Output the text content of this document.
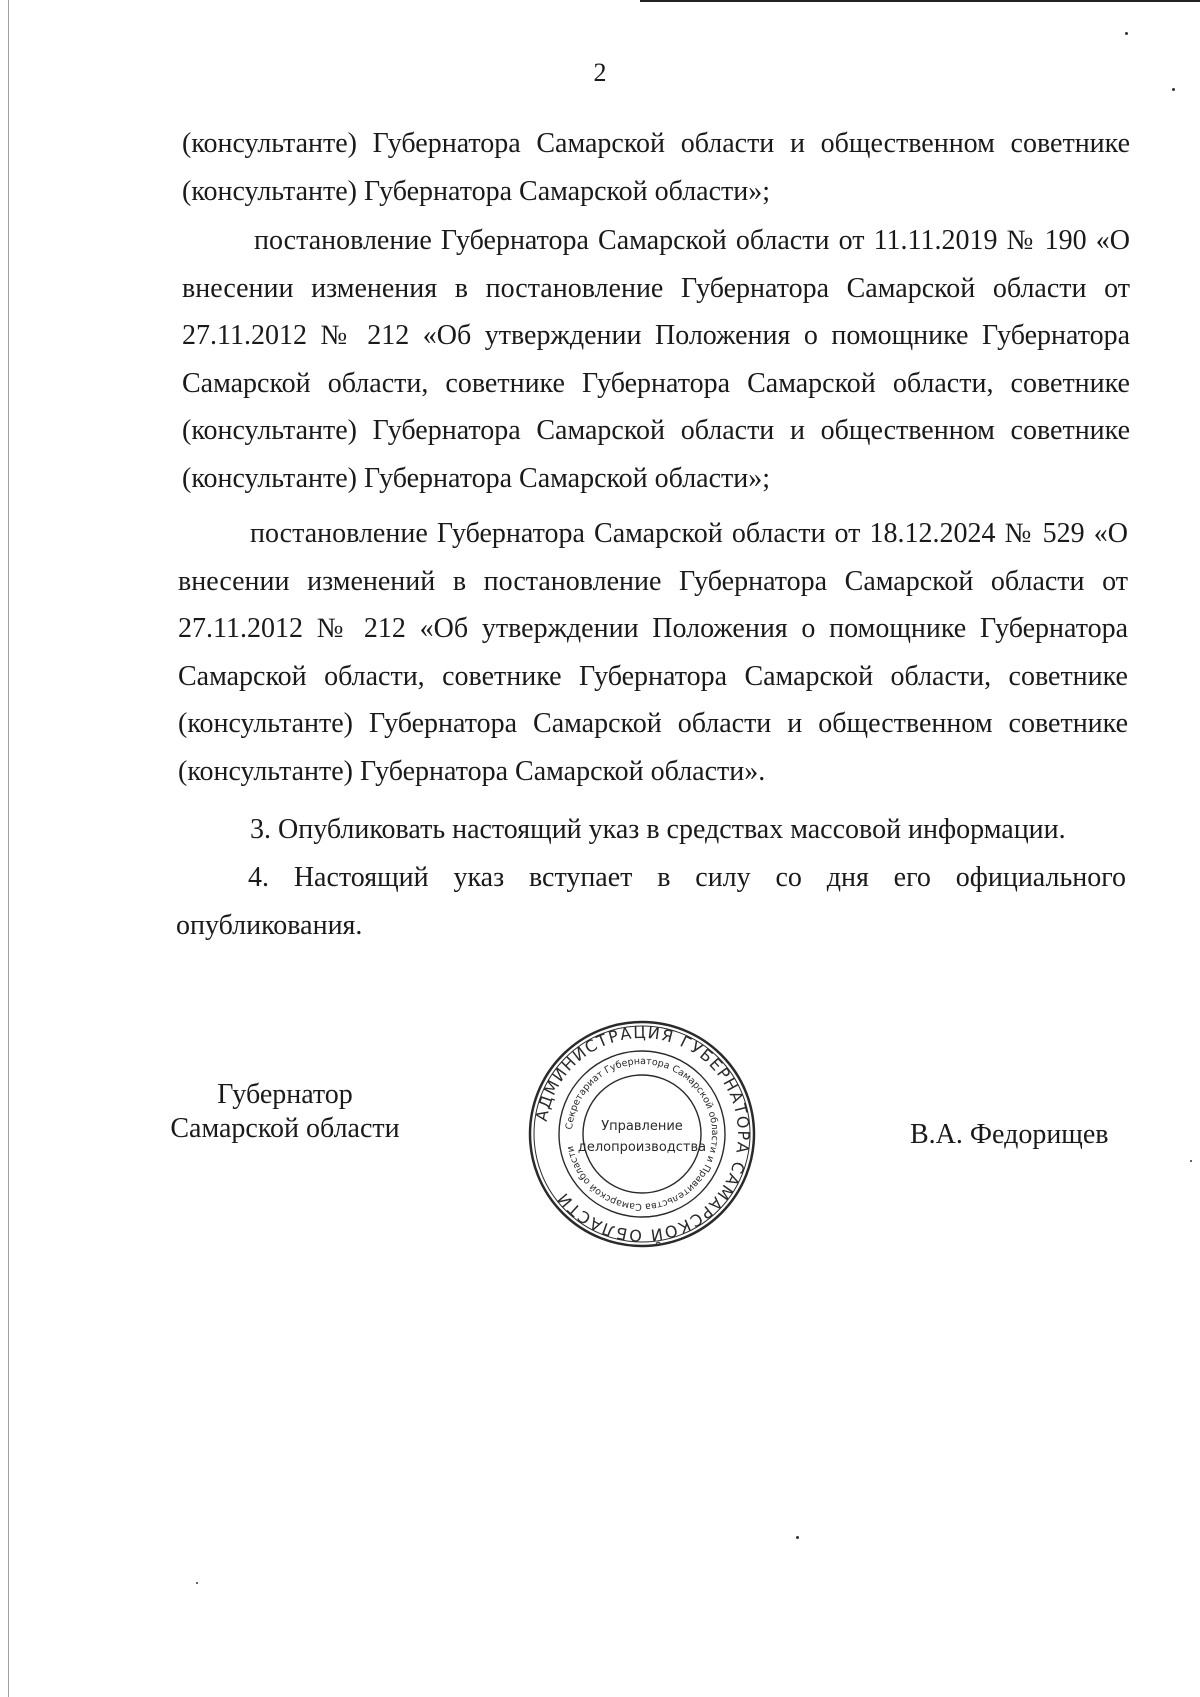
2

(консультанте) Губернатора Самарской области и общественном советнике (консультанте) Губернатора Самарской области»;

постановление Губернатора Самарской области от 11.11.2019 № 190 «О внесении изменения в постановление Губернатора Самарской области от 27.11.2012 № 212 «Об утверждении Положения о помощнике Губернатора Самарской области, советнике Губернатора Самарской области, советнике (консультанте) Губернатора Самарской области и общественном советнике (консультанте) Губернатора Самарской области»;

постановление Губернатора Самарской области от 18.12.2024 № 529 «О внесении изменений в постановление Губернатора Самарской области от 27.11.2012 № 212 «Об утверждении Положения о помощнике Губернатора Самарской области, советнике Губернатора Самарской области, советнике (консультанте) Губернатора Самарской области и общественном советнике (консультанте) Губернатора Самарской области».

3. Опубликовать настоящий указ в средствах массовой информации.

4. Настоящий указ вступает в силу со дня его официального опубликования.

Губернатор
Самарской области	В.А. Федорищев
АДМИНИСТРАЦИЯ ГУБЕРНАТОРА САМАРСКОЙ ОБЛАСТИ
Секретариат Губернатора Самарской области и Правительства Самарской области
Управление
делопроизводства
